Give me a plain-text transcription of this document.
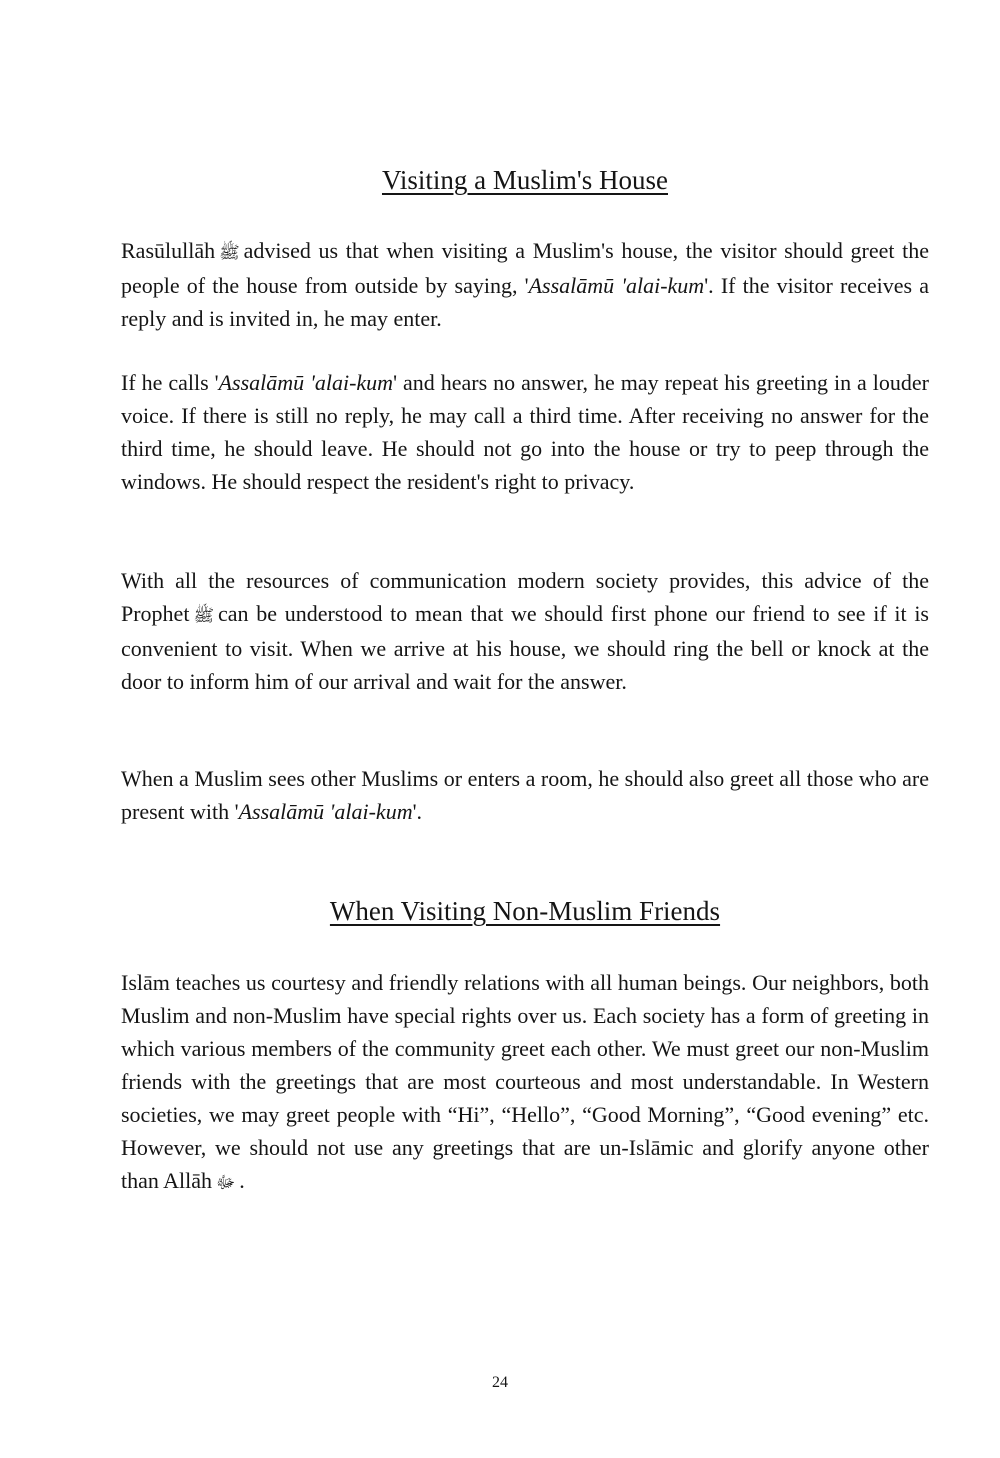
Visiting a Muslim's House

Rasūlullāh ﷺ advised us that when visiting a Muslim's house, the visitor should greet the people of the house from outside by saying, 'Assalāmū 'alai-kum'. If the visitor receives a reply and is invited in, he may enter.

If he calls 'Assalāmū 'alai-kum' and hears no answer, he may repeat his greeting in a louder voice. If there is still no reply, he may call a third time. After receiving no answer for the third time, he should leave. He should not go into the house or try to peep through the windows. He should respect the resident's right to privacy.

With all the resources of communication modern society provides, this advice of the Prophet ﷺ can be understood to mean that we should first phone our friend to see if it is convenient to visit. When we arrive at his house, we should ring the bell or knock at the door to inform him of our arrival and wait for the answer.

When a Muslim sees other Muslims or enters a room, he should also greet all those who are present with 'Assalāmū 'alai-kum'.

When Visiting Non-Muslim Friends

Islām teaches us courtesy and friendly relations with all human beings. Our neighbors, both Muslim and non-Muslim have special rights over us. Each society has a form of greeting in which various members of the community greet each other. We must greet our non-Muslim friends with the greetings that are most courteous and most understandable. In Western societies, we may greet people with “Hi”, “Hello”, “Good Morning”, “Good evening” etc. However, we should not use any greetings that are un-Islāmic and glorify anyone other than Allāh ﷻ .

24
